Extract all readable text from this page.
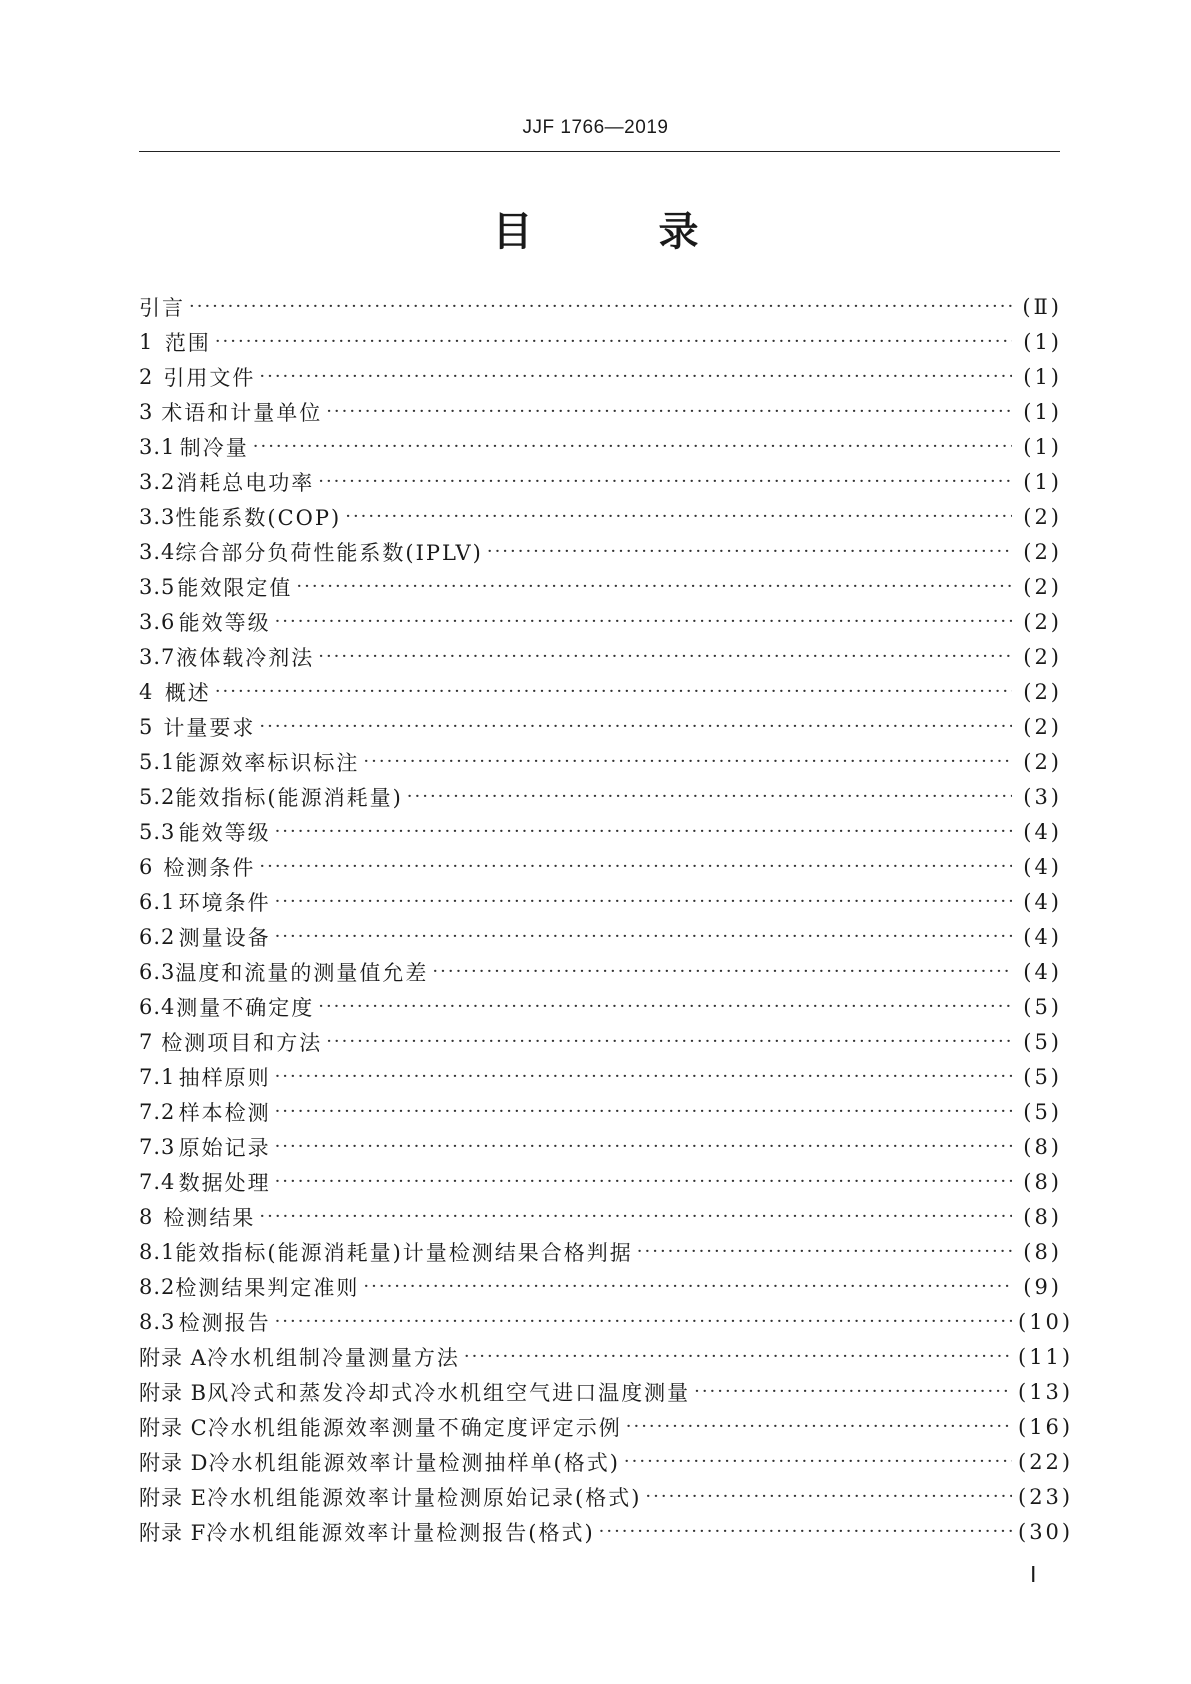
JJF 1766—2019
目 录
引言 ·····	(Ⅱ)
1 范围 ·····	(1)
2 引用文件 ·····	(1)
3 术语和计量单位 ·····	(1)
3.1 制冷量 ·····	(1)
3.2 消耗总电功率 ·····	(1)
3.3 性能系数(COP) ·····	(2)
3.4 综合部分负荷性能系数(IPLV) ·····	(2)
3.5 能效限定值 ·····	(2)
3.6 能效等级 ·····	(2)
3.7 液体载冷剂法 ·····	(2)
4 概述 ·····	(2)
5 计量要求 ·····	(2)
5.1 能源效率标识标注 ·····	(2)
5.2 能效指标(能源消耗量) ·····	(3)
5.3 能效等级 ·····	(4)
6 检测条件 ·····	(4)
6.1 环境条件 ·····	(4)
6.2 测量设备 ·····	(4)
6.3 温度和流量的测量值允差 ·····	(4)
6.4 测量不确定度 ·····	(5)
7 检测项目和方法 ·····	(5)
7.1 抽样原则 ·····	(5)
7.2 样本检测 ·····	(5)
7.3 原始记录 ·····	(8)
7.4 数据处理 ·····	(8)
8 检测结果 ·····	(8)
8.1 能效指标(能源消耗量)计量检测结果合格判据 ·····	(8)
8.2 检测结果判定准则 ·····	(9)
8.3 检测报告 ·····	(10)
附录 A 冷水机组制冷量测量方法 ·····	(11)
附录 B 风冷式和蒸发冷却式冷水机组空气进口温度测量 ·····	(13)
附录 C 冷水机组能源效率测量不确定度评定示例 ·····	(16)
附录 D 冷水机组能源效率计量检测抽样单(格式) ·····	(22)
附录 E 冷水机组能源效率计量检测原始记录(格式) ·····	(23)
附录 F 冷水机组能源效率计量检测报告(格式) ·····	(30)
Ⅰ
